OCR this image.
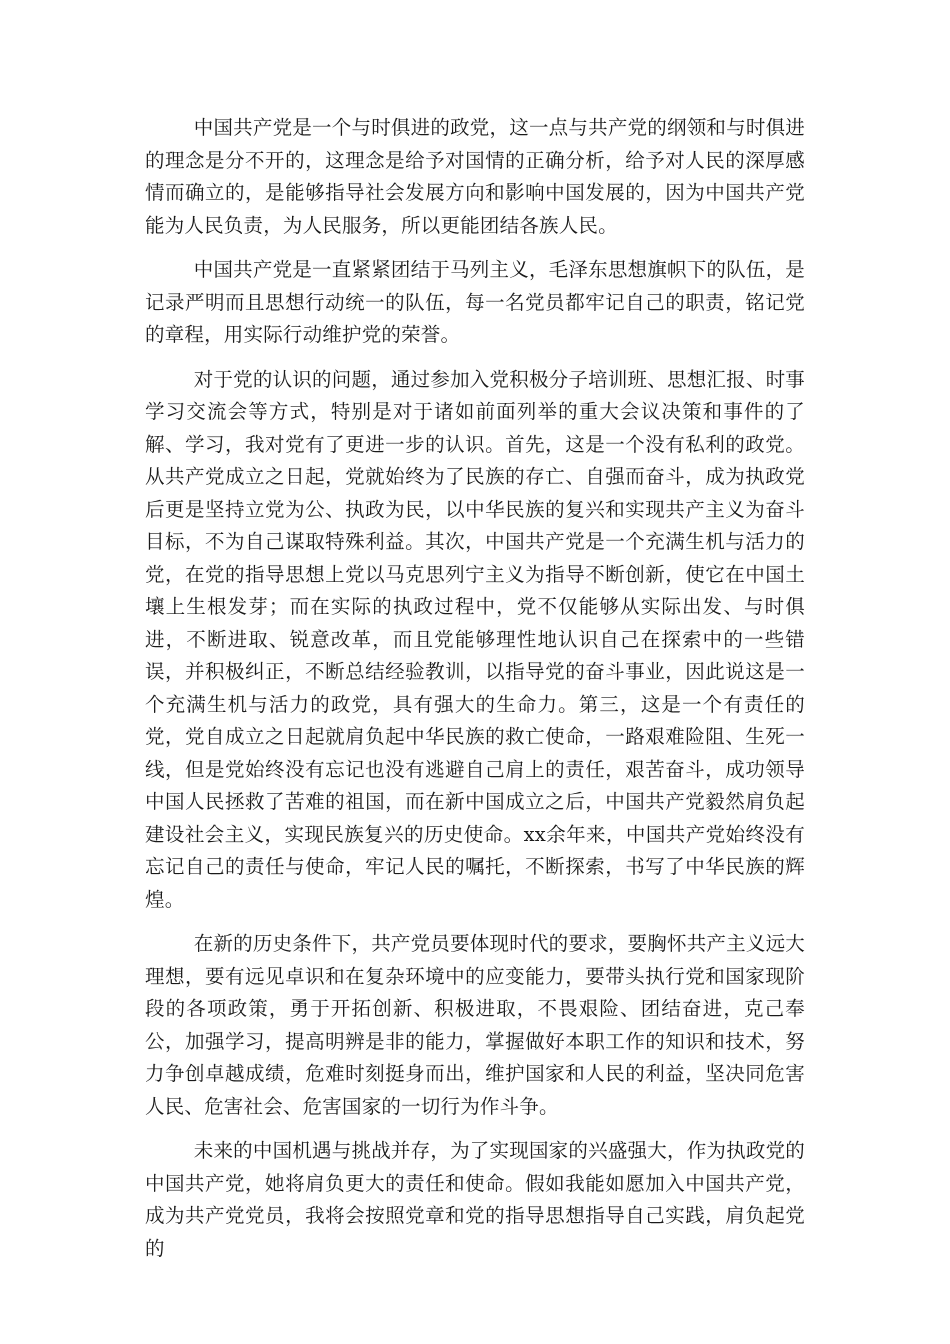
中国共产党是一个与时俱进的政党，这一点与共产党的纲领和与时俱进的理念是分不开的，这理念是给予对国情的正确分析，给予对人民的深厚感情而确立的，是能够指导社会发展方向和影响中国发展的，因为中国共产党能为人民负责，为人民服务，所以更能团结各族人民。

中国共产党是一直紧紧团结于马列主义，毛泽东思想旗帜下的队伍，是记录严明而且思想行动统一的队伍，每一名党员都牢记自己的职责，铭记党的章程，用实际行动维护党的荣誉。

对于党的认识的问题，通过参加入党积极分子培训班、思想汇报、时事学习交流会等方式，特别是对于诸如前面列举的重大会议决策和事件的了解、学习，我对党有了更进一步的认识。首先，这是一个没有私利的政党。从共产党成立之日起，党就始终为了民族的存亡、自强而奋斗，成为执政党后更是坚持立党为公、执政为民，以中华民族的复兴和实现共产主义为奋斗目标，不为自己谋取特殊利益。其次，中国共产党是一个充满生机与活力的党，在党的指导思想上党以马克思列宁主义为指导不断创新，使它在中国土壤上生根发芽；而在实际的执政过程中，党不仅能够从实际出发、与时俱进，不断进取、锐意改革，而且党能够理性地认识自己在探索中的一些错误，并积极纠正，不断总结经验教训，以指导党的奋斗事业，因此说这是一个充满生机与活力的政党，具有强大的生命力。第三，这是一个有责任的党，党自成立之日起就肩负起中华民族的救亡使命，一路艰难险阻、生死一线，但是党始终没有忘记也没有逃避自己肩上的责任，艰苦奋斗，成功领导中国人民拯救了苦难的祖国，而在新中国成立之后，中国共产党毅然肩负起建设社会主义，实现民族复兴的历史使命。xx余年来，中国共产党始终没有忘记自己的责任与使命，牢记人民的嘱托，不断探索，书写了中华民族的辉煌。

在新的历史条件下，共产党员要体现时代的要求，要胸怀共产主义远大理想，要有远见卓识和在复杂环境中的应变能力，要带头执行党和国家现阶段的各项政策，勇于开拓创新、积极进取，不畏艰险、团结奋进，克己奉公，加强学习，提高明辨是非的能力，掌握做好本职工作的知识和技术，努力争创卓越成绩，危难时刻挺身而出，维护国家和人民的利益，坚决同危害人民、危害社会、危害国家的一切行为作斗争。

未来的中国机遇与挑战并存，为了实现国家的兴盛强大，作为执政党的中国共产党，她将肩负更大的责任和使命。假如我能如愿加入中国共产党，成为共产党党员，我将会按照党章和党的指导思想指导自己实践，肩负起党的
